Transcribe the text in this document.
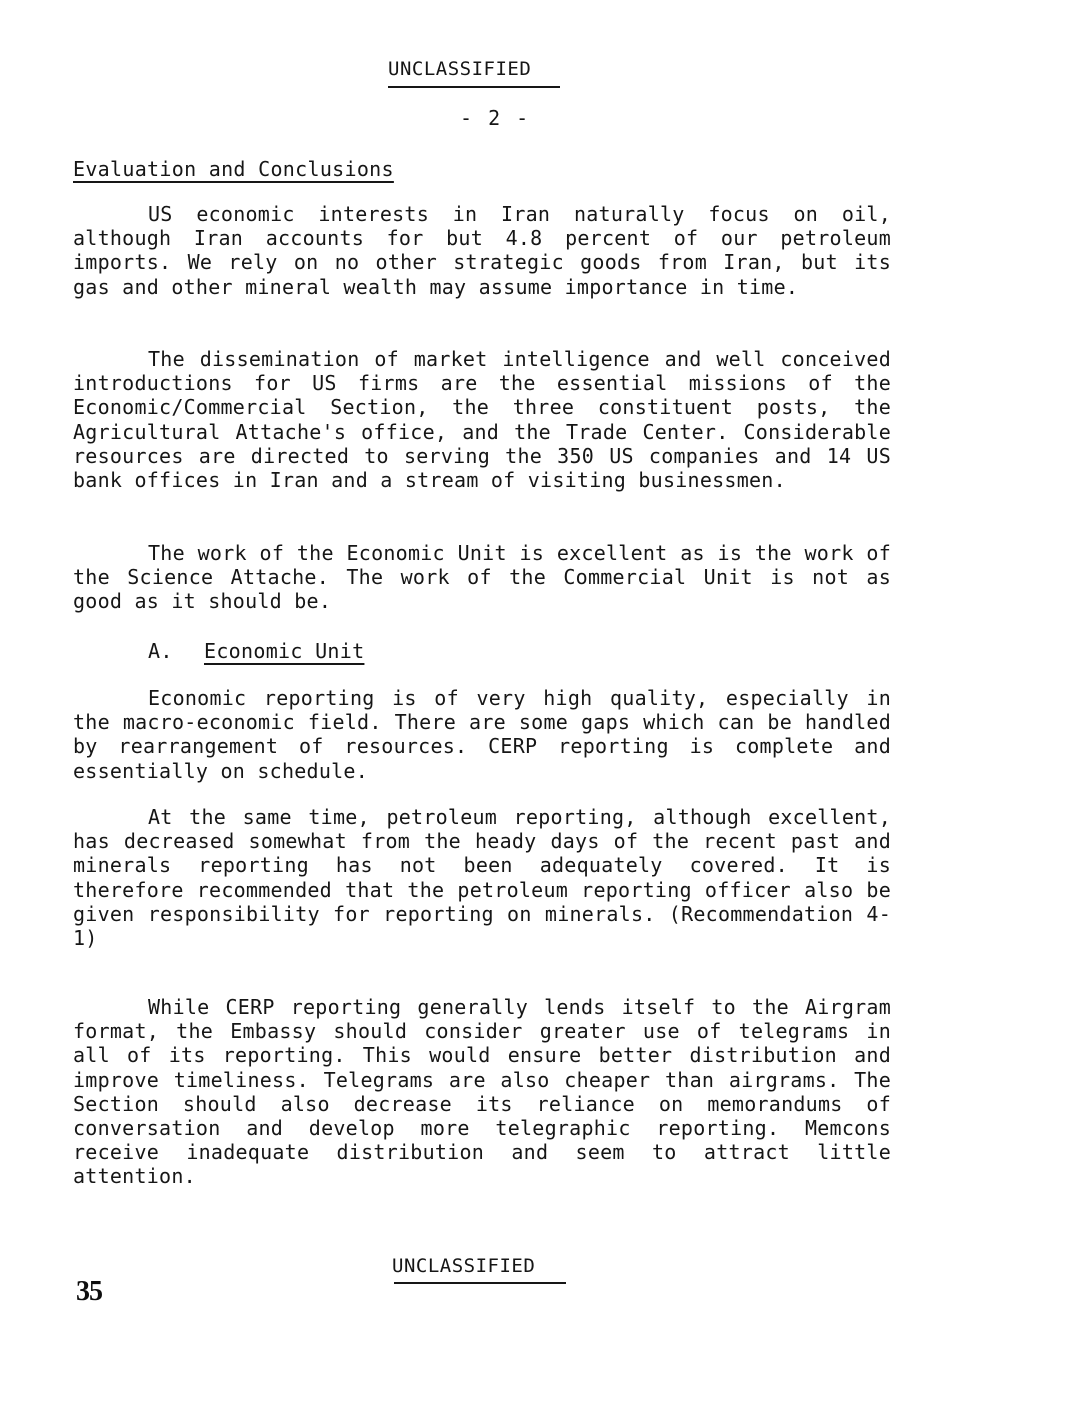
UNCLASSIFIED
- 2 -
Evaluation and Conclusions

US economic interests in Iran naturally focus on oil, although Iran accounts for but 4.8 percent of our petroleum imports. We rely on no other strategic goods from Iran, but its gas and other mineral wealth may assume importance in time.

The dissemination of market intelligence and well conceived introductions for US firms are the essential missions of the Economic/Commercial Section, the three constituent posts, the Agricultural Attache's office, and the Trade Center. Considerable resources are directed to serving the 350 US companies and 14 US bank offices in Iran and a stream of visiting businessmen.

The work of the Economic Unit is excellent as is the work of the Science Attache. The work of the Commercial Unit is not as good as it should be.

A. Economic Unit

Economic reporting is of very high quality, especially in the macro-economic field. There are some gaps which can be handled by rearrangement of resources. CERP reporting is complete and essentially on schedule.

At the same time, petroleum reporting, although excellent, has decreased somewhat from the heady days of the recent past and minerals reporting has not been adequately covered. It is therefore recommended that the petroleum reporting officer also be given responsibility for reporting on minerals. (Recommendation 4-1)

While CERP reporting generally lends itself to the Airgram format, the Embassy should consider greater use of telegrams in all of its reporting. This would ensure better distribution and improve timeliness. Telegrams are also cheaper than airgrams. The Section should also decrease its reliance on memorandums of conversation and develop more telegraphic reporting. Memcons receive inadequate distribution and seem to attract little attention.

UNCLASSIFIED
35
